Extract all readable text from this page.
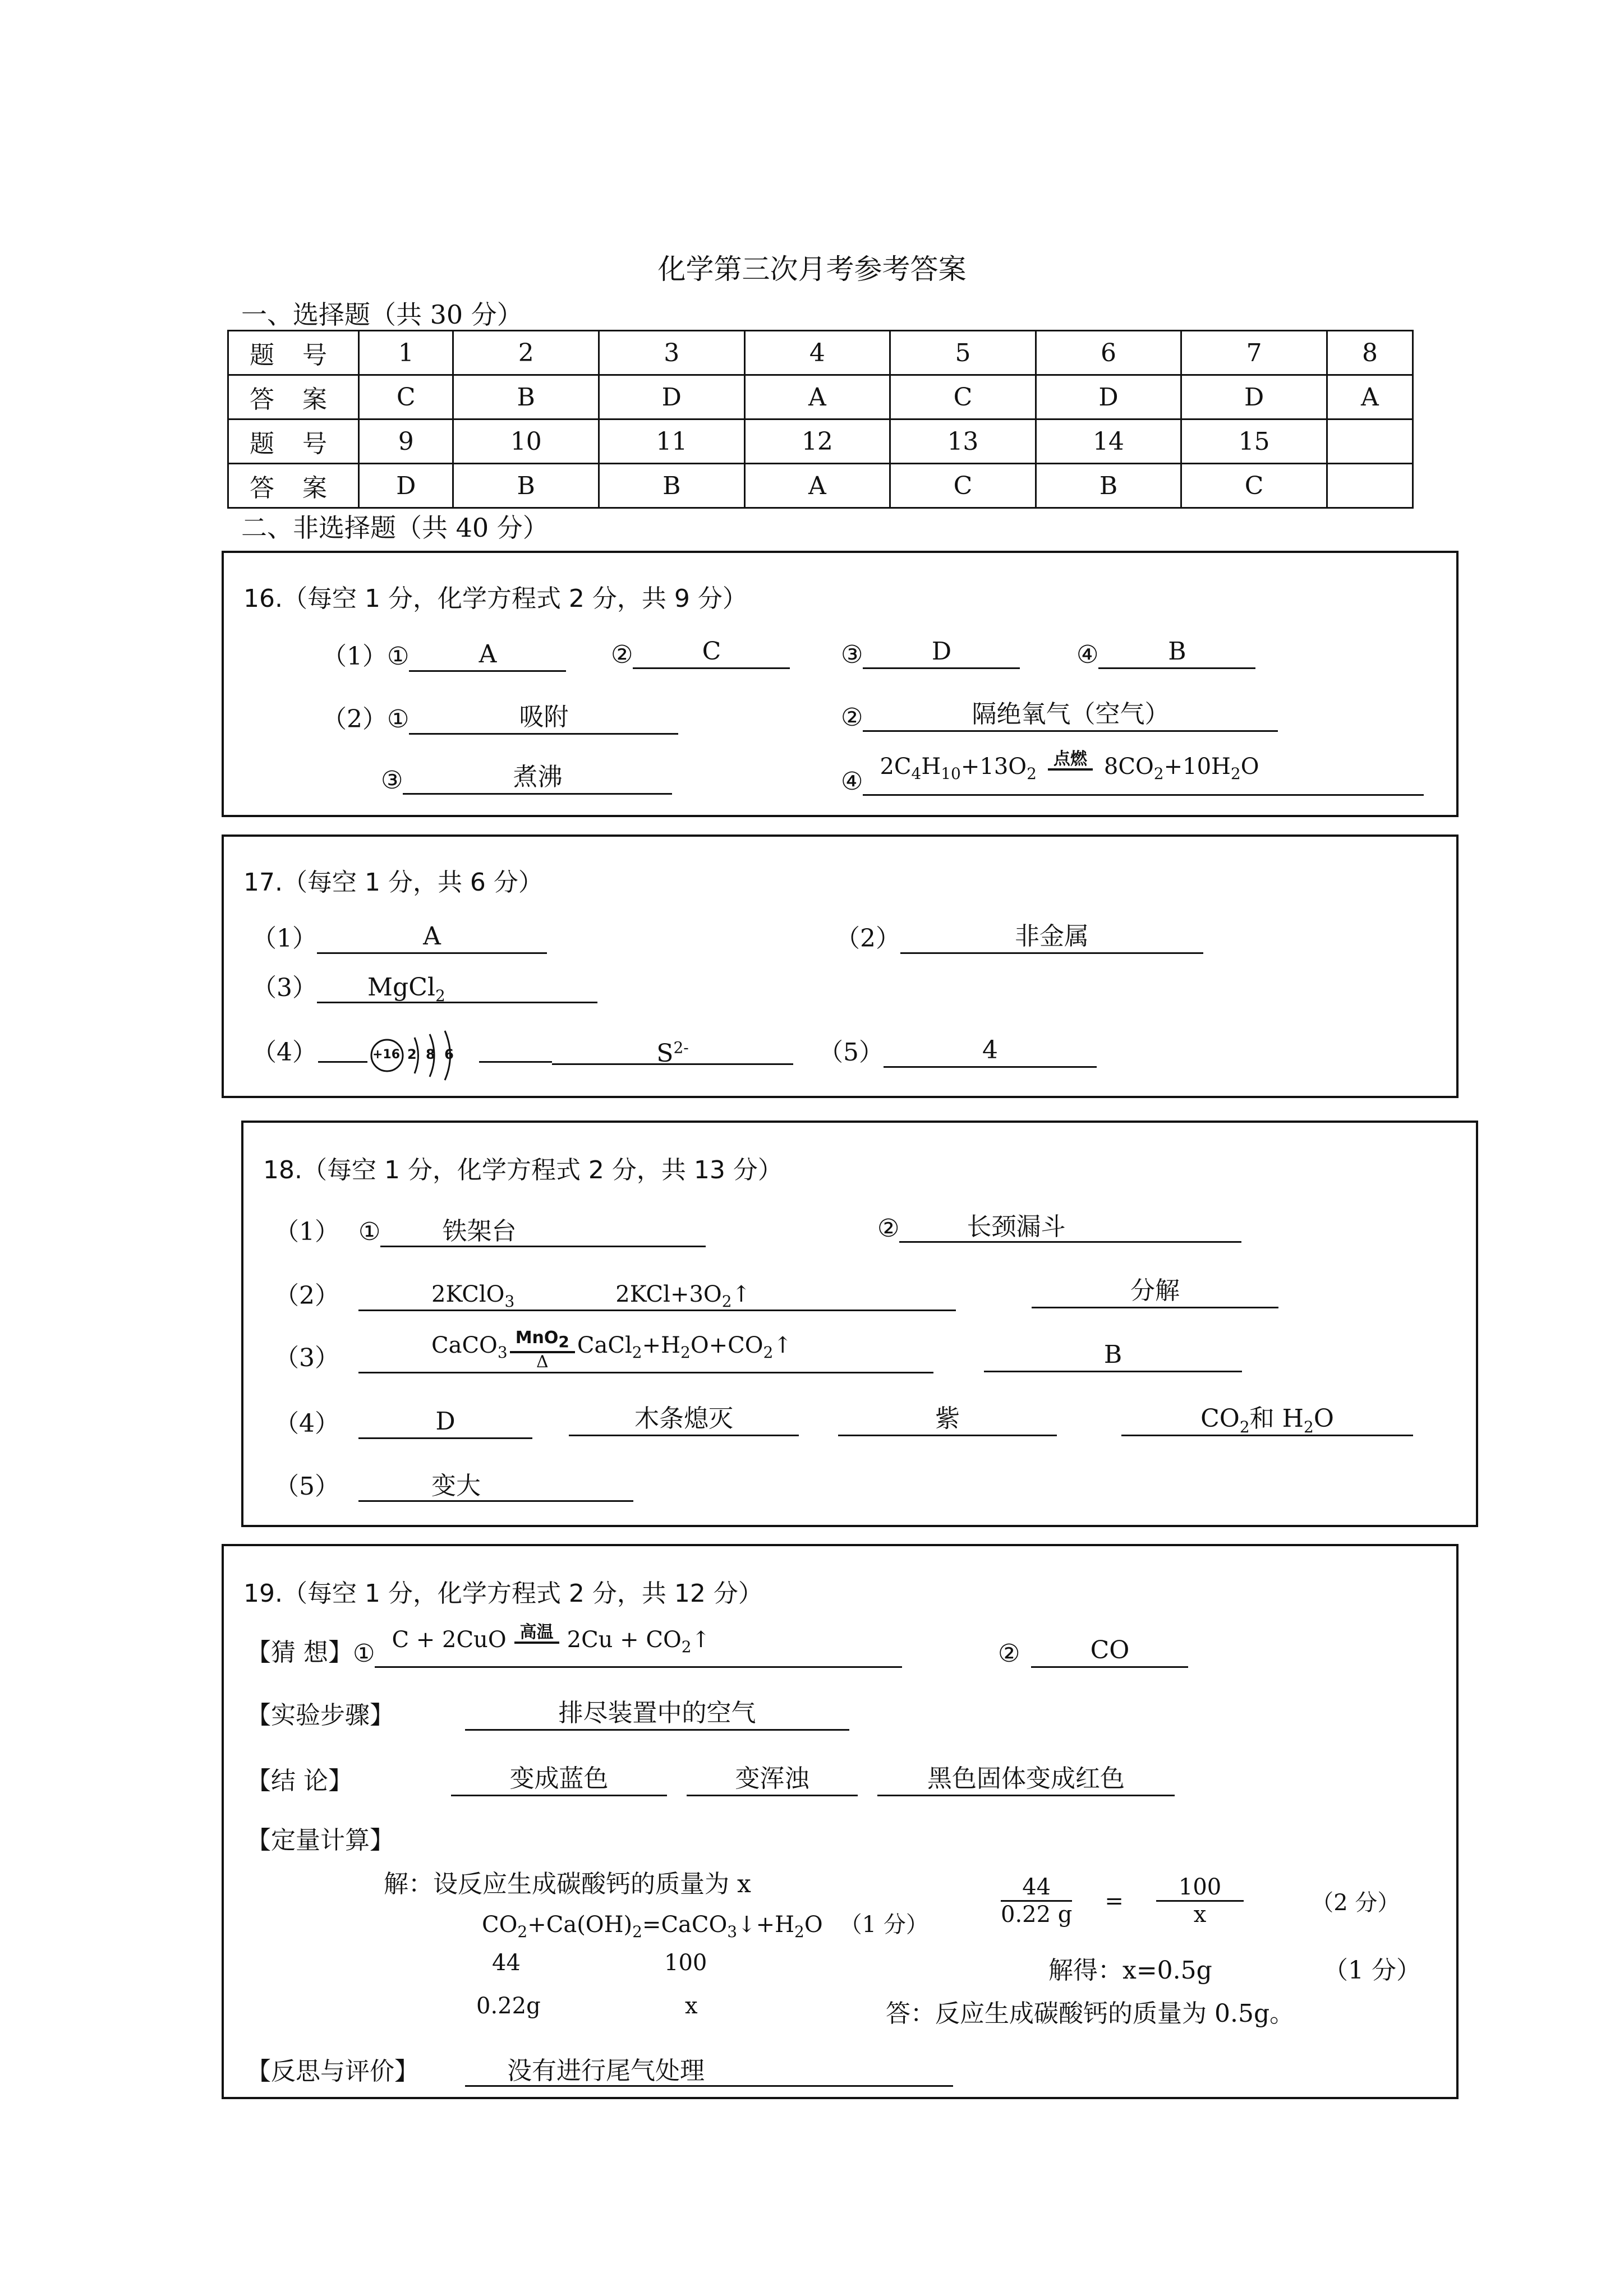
化学第三次月考参考答案
一、选择题（共 30 分）
题 号	1	2	3	4	5	6	7	8
答 案	C	B	D	A	C	D	D	A
题 号	9	10	11	12	13	14	15	
答 案	D	B	B	A	C	B	C	
二、非选择题（共 40 分）
16.（每空 1 分，化学方程式 2 分，共 9 分）
（1）①	A	②	C	③	D	④	B
（2）①	吸附	②	隔绝氧气（空气）
③	煮沸	$④2C_4H_{10}+13O_2$
点燃 $8CO_2+10H_2O$
17.（每空 1 分，共 6 分）
（1）	A	（2）	非金属
（3） MgCl$_2$
（4）	+16 2 8 6	$S^{2-}$	（5）	4
18.（每空 1 分，化学方程式 2 分，共 13 分）
（1） ①	铁架台	②	长颈漏斗
（2）	2KClO$_3$	$2KCl+3O_2↑$	分解
（3）	CaCO$_3$
MnO$_2$
Δ
$CaCl_2+H_2O+CO_2↑$	B
（4）	D	木条熄灭	紫	$CO_2$和 $H_2O$
（5）	变大
19.（每空 1 分，化学方程式 2 分，共 12 分）
【猜 想】① C + 2CuO 高温 $2Cu + CO_2↑$	②	CO
【实验步骤】	排尽装置中的空气
【结 论】	变成蓝色	变浑浊	黑色固体变成红色
【定量计算】
解：设反应生成碳酸钙的质量为 x
$CO_2+Ca(OH)_2=CaCO_3↓+H_2O$ （1 分）
44	100
0.22g	x
$\frac{44}{0.22 g} = \frac{100}{x}$	（2 分）
解得：x=0.5g	（1 分）
答：反应生成碳酸钙的质量为 0.5g。
【反思与评价】	没有进行尾气处理
